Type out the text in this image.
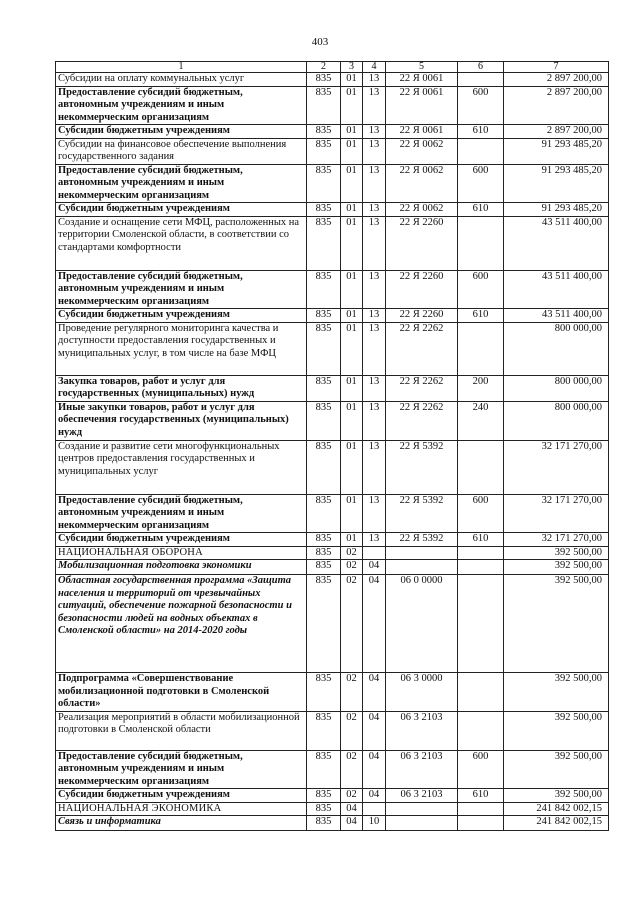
403
1	2	3	4	5	6	7
Субсидии на оплату коммунальных услуг	835	01	13	22 Я 0061		2 897 200,00
Предоставление субсидий бюджетным, автономным учреждениям и иным некоммерческим организациям	835	01	13	22 Я 0061	600	2 897 200,00
Субсидии бюджетным учреждениям	835	01	13	22 Я 0061	610	2 897 200,00
Субсидии на финансовое обеспечение выполнения государственного задания	835	01	13	22 Я 0062		91 293 485,20
Предоставление субсидий бюджетным, автономным учреждениям и иным некоммерческим организациям	835	01	13	22 Я 0062	600	91 293 485,20
Субсидии бюджетным учреждениям	835	01	13	22 Я 0062	610	91 293 485,20
Создание и оснащение сети МФЦ, расположенных на территории Смоленской области, в соответствии со стандартами комфортности	835	01	13	22 Я 2260		43 511 400,00
Предоставление субсидий бюджетным, автономным учреждениям и иным некоммерческим организациям	835	01	13	22 Я 2260	600	43 511 400,00
Субсидии бюджетным учреждениям	835	01	13	22 Я 2260	610	43 511 400,00
Проведение регулярного мониторинга качества и доступности предоставления государственных и муниципальных услуг, в том числе на базе МФЦ	835	01	13	22 Я 2262		800 000,00
Закупка товаров, работ и услуг для государственных (муниципальных) нужд	835	01	13	22 Я 2262	200	800 000,00
Иные закупки товаров, работ и услуг для обеспечения государственных (муниципальных) нужд	835	01	13	22 Я 2262	240	800 000,00
Создание и развитие сети многофункциональных центров предоставления государственных и муниципальных услуг	835	01	13	22 Я 5392		32 171 270,00
Предоставление субсидий бюджетным, автономным учреждениям и иным некоммерческим организациям	835	01	13	22 Я 5392	600	32 171 270,00
Субсидии бюджетным учреждениям	835	01	13	22 Я 5392	610	32 171 270,00
НАЦИОНАЛЬНАЯ ОБОРОНА	835	02				392 500,00
Мобилизационная подготовка экономики	835	02	04			392 500,00
Областная государственная программа «Защита населения и территорий от чрезвычайных ситуаций, обеспечение пожарной безопасности и безопасности людей на водных объектах в Смоленской области» на 2014-2020 годы	835	02	04	06 0 0000		392 500,00
Подпрограмма «Совершенствование мобилизационной подготовки в Смоленской области»	835	02	04	06 3 0000		392 500,00
Реализация мероприятий в области мобилизационной подготовки в Смоленской области	835	02	04	06 3 2103		392 500,00
Предоставление субсидий бюджетным, автономным учреждениям и иным некоммерческим организациям	835	02	04	06 3 2103	600	392 500,00
Субсидии бюджетным учреждениям	835	02	04	06 3 2103	610	392 500,00
НАЦИОНАЛЬНАЯ ЭКОНОМИКА	835	04				241 842 002,15
Связь и информатика	835	04	10			241 842 002,15
